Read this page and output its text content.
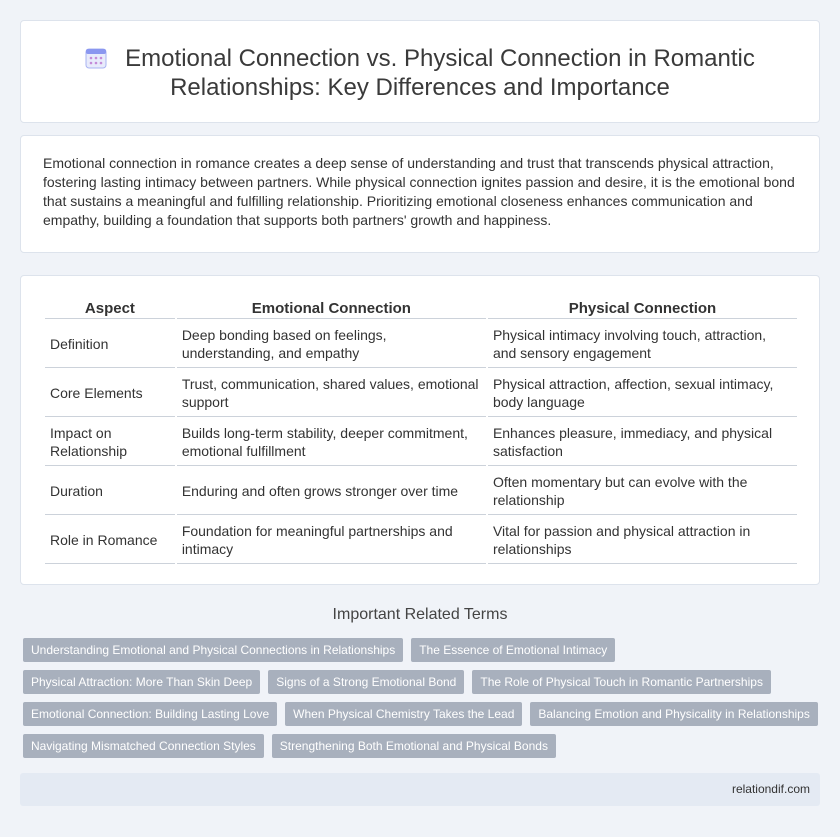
Emotional Connection vs. Physical Connection in Romantic Relationships: Key Differences and Importance

Emotional connection in romance creates a deep sense of understanding and trust that transcends physical attraction, fostering lasting intimacy between partners. While physical connection ignites passion and desire, it is the emotional bond that sustains a meaningful and fulfilling relationship. Prioritizing emotional closeness enhances communication and empathy, building a foundation that supports both partners' growth and happiness.

Aspect	Emotional Connection	Physical Connection
Definition	Deep bonding based on feelings, understanding, and empathy	Physical intimacy involving touch, attraction, and sensory engagement
Core Elements	Trust, communication, shared values, emotional support	Physical attraction, affection, sexual intimacy, body language
Impact on Relationship	Builds long-term stability, deeper commitment, emotional fulfillment	Enhances pleasure, immediacy, and physical satisfaction
Duration	Enduring and often grows stronger over time	Often momentary but can evolve with the relationship
Role in Romance	Foundation for meaningful partnerships and intimacy	Vital for passion and physical attraction in relationships
Important Related Terms
Understanding Emotional and Physical Connections in Relationships	The Essence of Emotional Intimacy
Physical Attraction: More Than Skin Deep	Signs of a Strong Emotional Bond	The Role of Physical Touch in Romantic Partnerships
Emotional Connection: Building Lasting Love	When Physical Chemistry Takes the Lead	Balancing Emotion and Physicality in Relationships
Navigating Mismatched Connection Styles	Strengthening Both Emotional and Physical Bonds
relationdif.com
